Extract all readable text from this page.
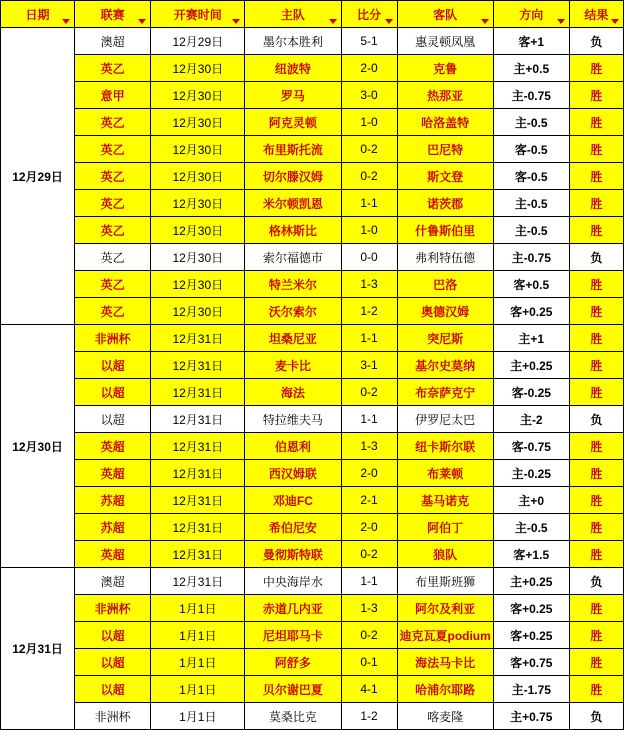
日期	联赛	开赛时间	主队	比分	客队	方向	结果

12月29日	澳超	12月29日	墨尔本胜利	5-1	惠灵顿凤凰	客+1	负
	英乙	12月30日	纽波特	2-0	克鲁	主+0.5	胜
	意甲	12月30日	罗马	3-0	热那亚	主-0.75	胜
	英乙	12月30日	阿克灵顿	1-0	哈洛盖特	主-0.5	胜
	英乙	12月30日	布里斯托流	0-2	巴尼特	客-0.5	胜
	英乙	12月30日	切尔滕汉姆	0-2	斯文登	客-0.5	胜
	英乙	12月30日	米尔顿凯恩	1-1	诺茨郡	主-0.5	胜
	英乙	12月30日	格林斯比	1-0	什鲁斯伯里	主-0.5	胜
	英乙	12月30日	索尔福德市	0-0	弗利特伍德	主-0.75	负
	英乙	12月30日	特兰米尔	1-3	巴洛	客+0.5	胜
	英乙	12月30日	沃尔索尔	1-2	奥德汉姆	客+0.25	胜
12月30日	非洲杯	12月31日	坦桑尼亚	1-1	突尼斯	主+1	胜
	以超	12月31日	麦卡比	3-1	基尔史莫纳	主+0.25	胜
	以超	12月31日	海法	0-2	布奈萨克宁	客-0.25	胜
	以超	12月31日	特拉维夫马	1-1	伊罗尼太巴	主-2	负
	英超	12月31日	伯恩利	1-3	纽卡斯尔联	客-0.75	胜
	英超	12月31日	西汉姆联	2-0	布莱顿	主-0.25	胜
	苏超	12月31日	邓迪FC	2-1	基马诺克	主+0	胜
	苏超	12月31日	希伯尼安	2-0	阿伯丁	主-0.5	胜
	英超	12月31日	曼彻斯特联	0-2	狼队	客+1.5	胜
12月31日	澳超	12月31日	中央海岸水	1-1	布里斯班狮	主+0.25	负
	非洲杯	1月1日	赤道几内亚	1-3	阿尔及利亚	客+0.25	胜
	以超	1月1日	尼坦耶马卡	0-2	迪克瓦夏podium	客+0.25	胜
	以超	1月1日	阿舒多	0-1	海法马卡比	客+0.75	胜
	以超	1月1日	贝尔谢巴夏	4-1	哈浦尔耶路	主-1.75	胜
	非洲杯	1月1日	莫桑比克	1-2	喀麦隆	主+0.75	负
